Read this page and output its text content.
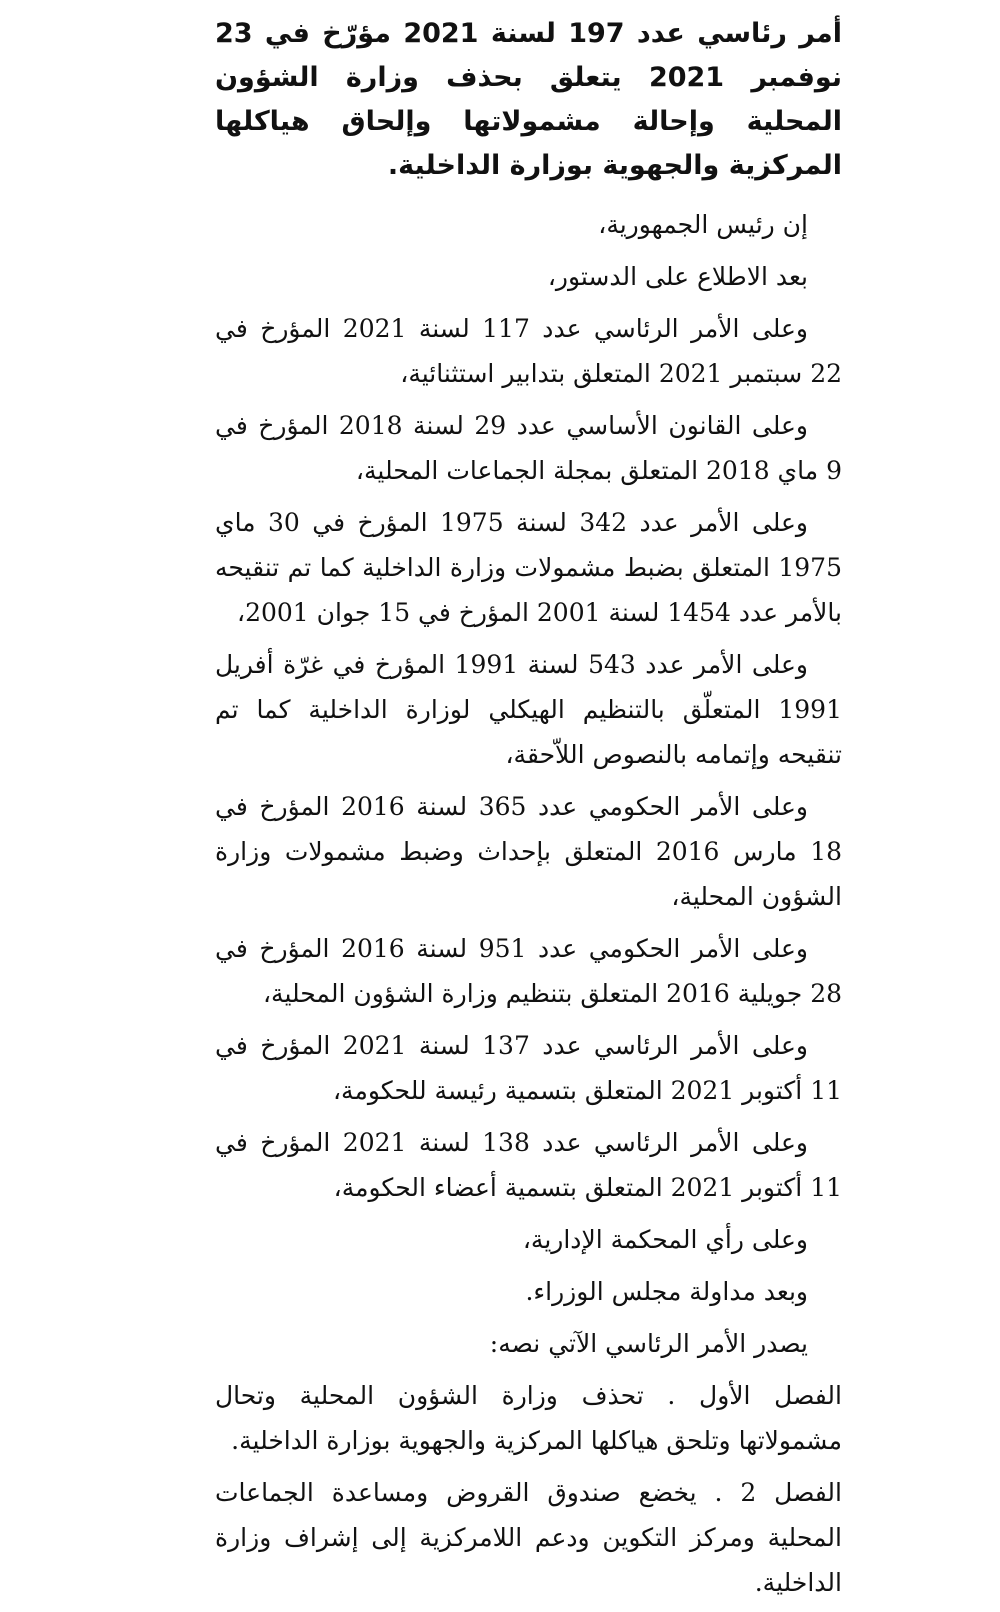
أمر رئاسي عدد 197 لسنة 2021 مؤرّخ في 23 نوفمبر 2021 يتعلق بحذف وزارة الشؤون المحلية وإحالة مشمولاتها وإلحاق هياكلها المركزية والجهوية بوزارة الداخلية.

إن رئيس الجمهورية،

بعد الاطلاع على الدستور،

وعلى الأمر الرئاسي عدد 117 لسنة 2021 المؤرخ في 22 سبتمبر 2021 المتعلق بتدابير استثنائية،

وعلى القانون الأساسي عدد 29 لسنة 2018 المؤرخ في 9 ماي 2018 المتعلق بمجلة الجماعات المحلية،

وعلى الأمر عدد 342 لسنة 1975 المؤرخ في 30 ماي 1975 المتعلق بضبط مشمولات وزارة الداخلية كما تم تنقيحه بالأمر عدد 1454 لسنة 2001 المؤرخ في 15 جوان 2001،

وعلى الأمر عدد 543 لسنة 1991 المؤرخ في غرّة أفريل 1991 المتعلّق بالتنظيم الهيكلي لوزارة الداخلية كما تم تنقيحه وإتمامه بالنصوص اللاّحقة،

وعلى الأمر الحكومي عدد 365 لسنة 2016 المؤرخ في 18 مارس 2016 المتعلق بإحداث وضبط مشمولات وزارة الشؤون المحلية،

وعلى الأمر الحكومي عدد 951 لسنة 2016 المؤرخ في 28 جويلية 2016 المتعلق بتنظيم وزارة الشؤون المحلية،

وعلى الأمر الرئاسي عدد 137 لسنة 2021 المؤرخ في 11 أكتوبر 2021 المتعلق بتسمية رئيسة للحكومة،

وعلى الأمر الرئاسي عدد 138 لسنة 2021 المؤرخ في 11 أكتوبر 2021 المتعلق بتسمية أعضاء الحكومة،

وعلى رأي المحكمة الإدارية،

وبعد مداولة مجلس الوزراء.

يصدر الأمر الرئاسي الآتي نصه:

الفصل الأول . تحذف وزارة الشؤون المحلية وتحال مشمولاتها وتلحق هياكلها المركزية والجهوية بوزارة الداخلية.

الفصل 2 . يخضع صندوق القروض ومساعدة الجماعات المحلية ومركز التكوين ودعم اللامركزية إلى إشراف وزارة الداخلية.
